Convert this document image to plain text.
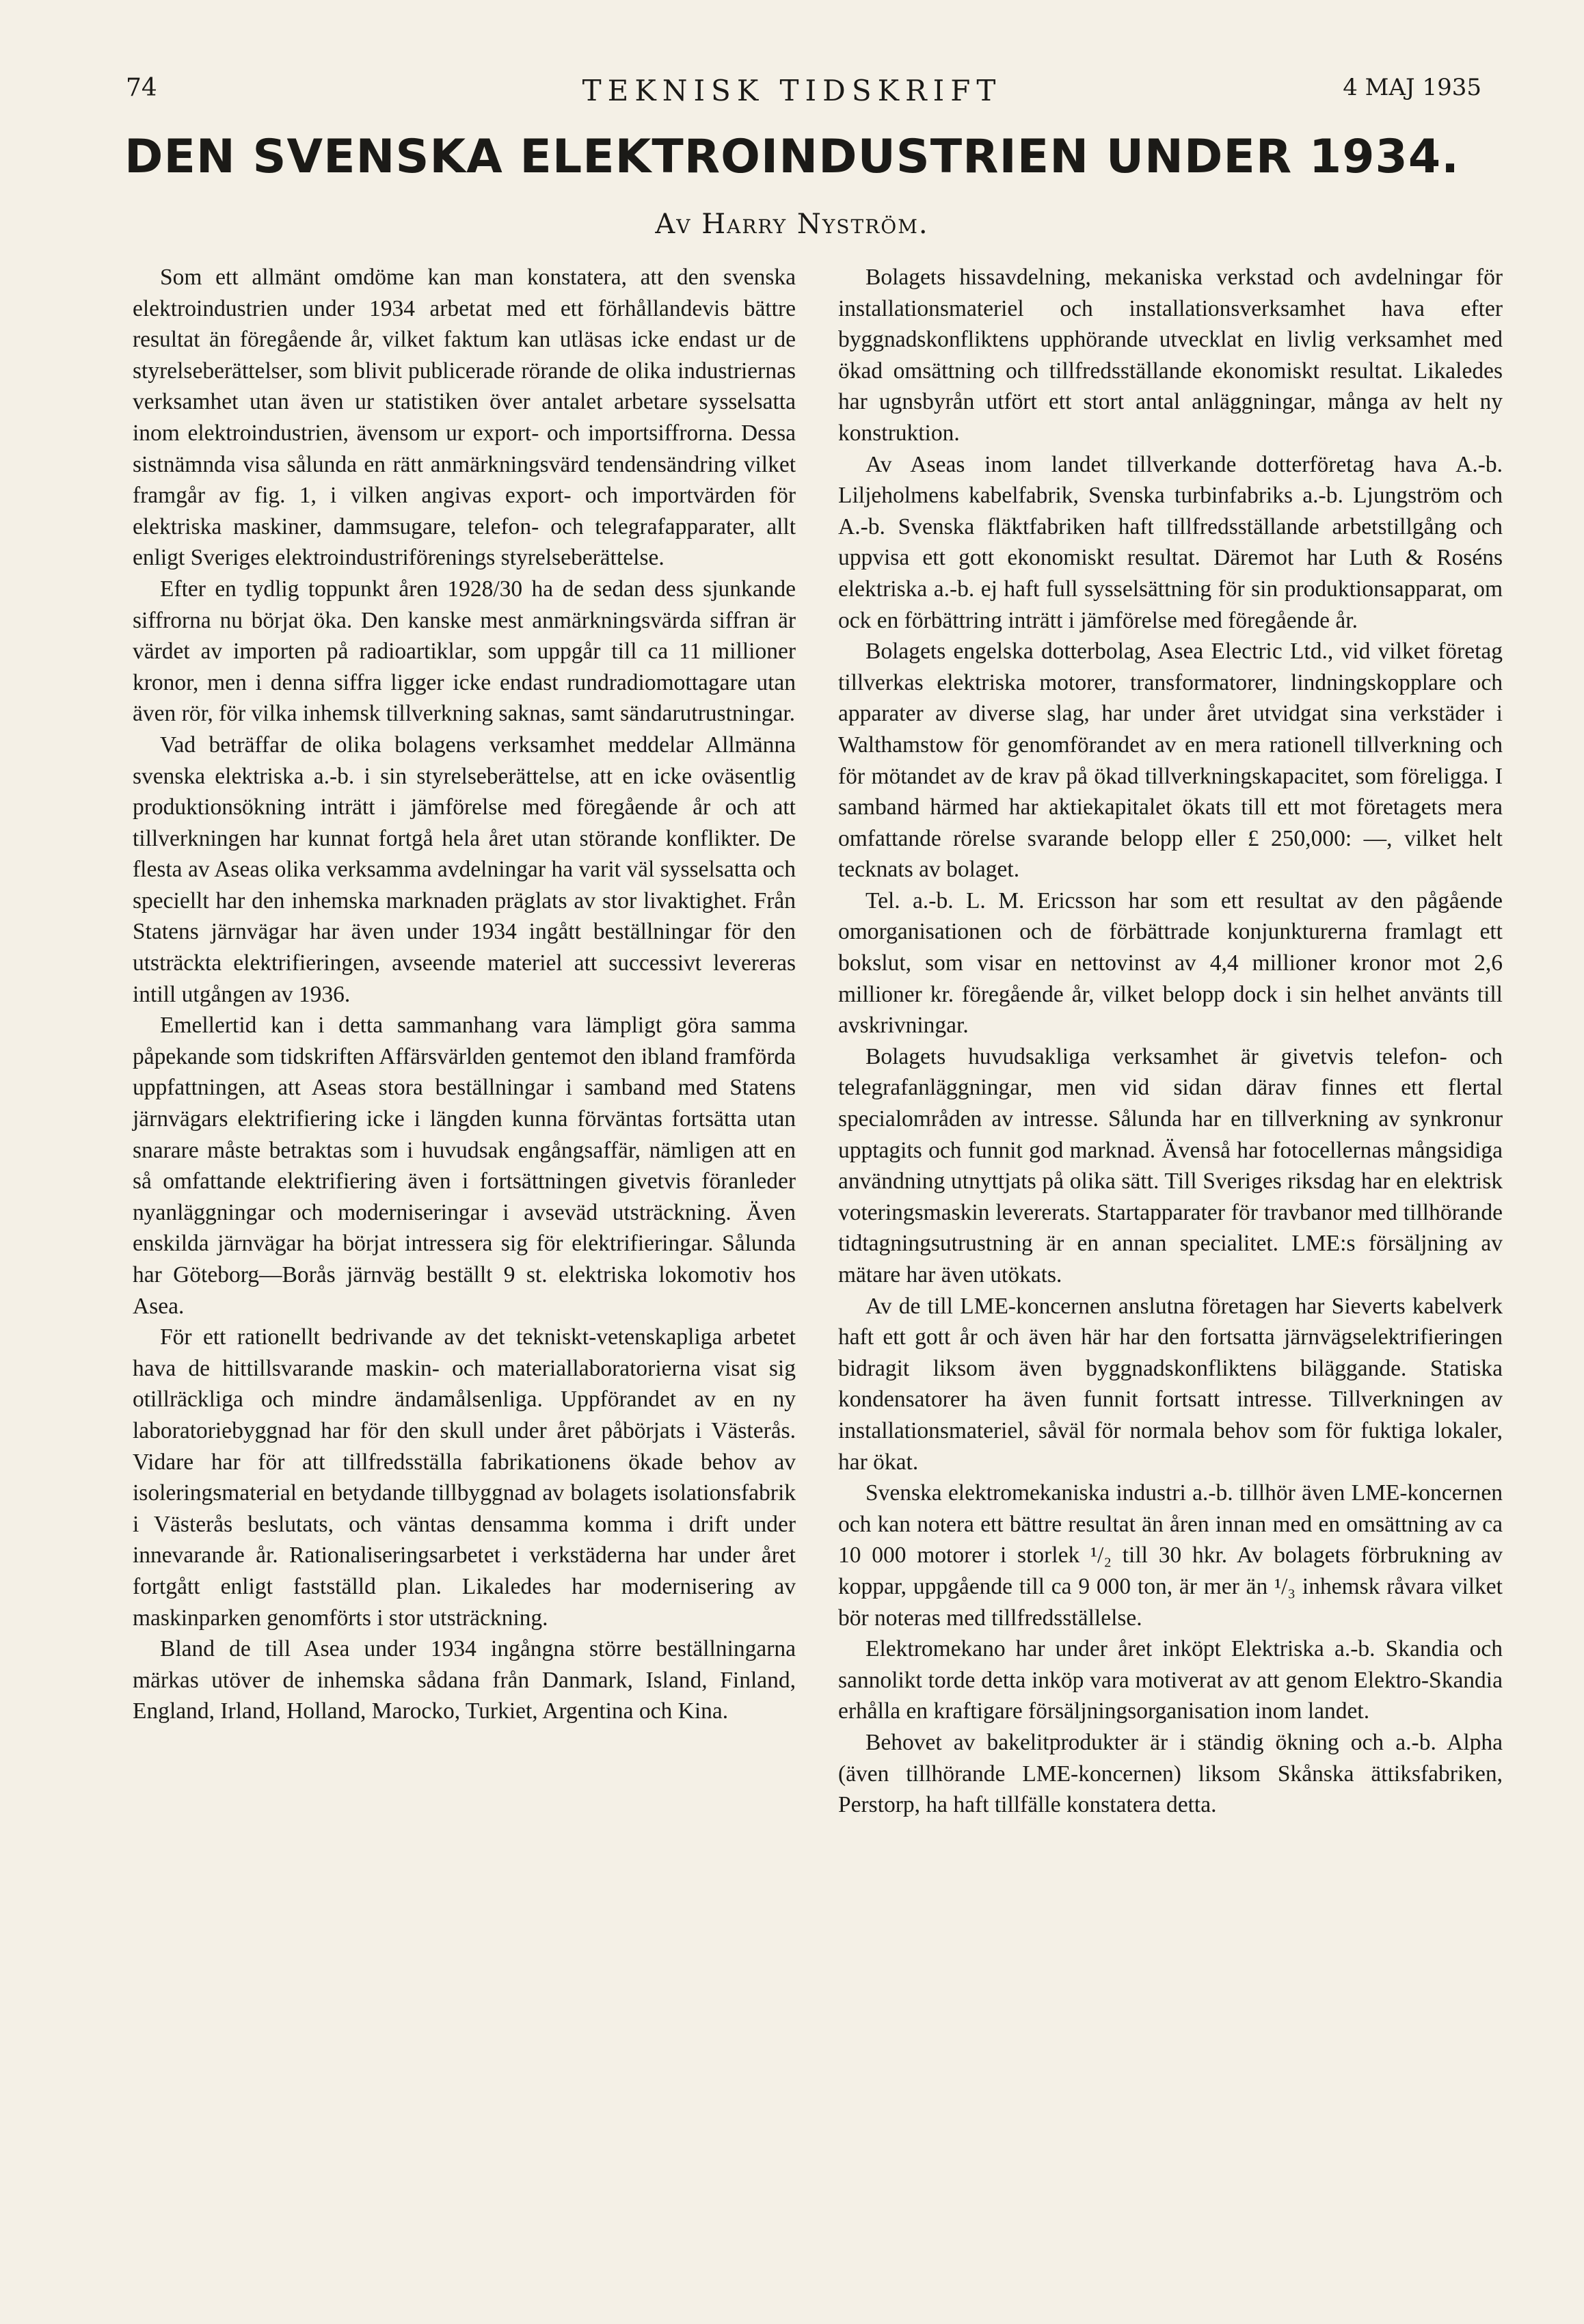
74	TEKNISK TIDSKRIFT	4 MAJ 1935
DEN SVENSKA ELEKTROINDUSTRIEN UNDER 1934.
Av Harry Nyström.

Som ett allmänt omdöme kan man konstatera, att den svenska elektroindustrien under 1934 arbetat med ett förhållandevis bättre resultat än föregående år, vilket faktum kan utläsas icke endast ur de styrelseberättelser, som blivit publicerade rörande de olika industriernas verksamhet utan även ur statistiken över antalet arbetare sysselsatta inom elektroindustrien, ävensom ur export- och importsiffrorna. Dessa sistnämnda visa sålunda en rätt anmärkningsvärd tendensändring vilket framgår av fig. 1, i vilken angivas export- och importvärden för elektriska maskiner, dammsugare, telefon- och telegrafapparater, allt enligt Sveriges elektroindustriförenings styrelseberättelse.

Efter en tydlig toppunkt åren 1928/30 ha de sedan dess sjunkande siffrorna nu börjat öka. Den kanske mest anmärkningsvärda siffran är värdet av importen på radioartiklar, som uppgår till ca 11 millioner kronor, men i denna siffra ligger icke endast rundradiomottagare utan även rör, för vilka inhemsk tillverkning saknas, samt sändarutrustningar.

Vad beträffar de olika bolagens verksamhet meddelar Allmänna svenska elektriska a.-b. i sin styrelseberättelse, att en icke oväsentlig produktionsökning inträtt i jämförelse med föregående år och att tillverkningen har kunnat fortgå hela året utan störande konflikter. De flesta av Aseas olika verksamma avdelningar ha varit väl sysselsatta och speciellt har den inhemska marknaden präglats av stor livaktighet. Från Statens järnvägar har även under 1934 ingått beställningar för den utsträckta elektrifieringen, avseende materiel att successivt levereras intill utgången av 1936.

Emellertid kan i detta sammanhang vara lämpligt göra samma påpekande som tidskriften Affärsvärlden gentemot den ibland framförda uppfattningen, att Aseas stora beställningar i samband med Statens järnvägars elektrifiering icke i längden kunna förväntas fortsätta utan snarare måste betraktas som i huvudsak engångsaffär, nämligen att en så omfattande elektrifiering även i fortsättningen givetvis föranleder nyanläggningar och moderniseringar i avseväd utsträckning. Även enskilda järnvägar ha börjat intressera sig för elektrifieringar. Sålunda har Göteborg—Borås järnväg beställt 9 st. elektriska lokomotiv hos Asea.

För ett rationellt bedrivande av det tekniskt-vetenskapliga arbetet hava de hittillsvarande maskin- och materiallaboratorierna visat sig otillräckliga och mindre ändamålsenliga. Uppförandet av en ny laboratoriebyggnad har för den skull under året påbörjats i Västerås. Vidare har för att tillfredsställa fabrikationens ökade behov av isoleringsmaterial en betydande tillbyggnad av bolagets isolationsfabrik i Västerås beslutats, och väntas densamma komma i drift under innevarande år. Rationaliseringsarbetet i verkstäderna har under året fortgått enligt fastställd plan. Likaledes har modernisering av maskinparken genomförts i stor utsträckning.

Bland de till Asea under 1934 ingångna större beställningarna märkas utöver de inhemska sådana från Danmark, Island, Finland, England, Irland, Holland, Marocko, Turkiet, Argentina och Kina.

Bolagets hissavdelning, mekaniska verkstad och avdelningar för installationsmateriel och installationsverksamhet hava efter byggnadskonfliktens upphörande utvecklat en livlig verksamhet med ökad omsättning och tillfredsställande ekonomiskt resultat. Likaledes har ugnsbyrån utfört ett stort antal anläggningar, många av helt ny konstruktion.

Av Aseas inom landet tillverkande dotterföretag hava A.-b. Liljeholmens kabelfabrik, Svenska turbinfabriks a.-b. Ljungström och A.-b. Svenska fläktfabriken haft tillfredsställande arbetstillgång och uppvisa ett gott ekonomiskt resultat. Däremot har Luth & Roséns elektriska a.-b. ej haft full sysselsättning för sin produktionsapparat, om ock en förbättring inträtt i jämförelse med föregående år.

Bolagets engelska dotterbolag, Asea Electric Ltd., vid vilket företag tillverkas elektriska motorer, transformatorer, lindningskopplare och apparater av diverse slag, har under året utvidgat sina verkstäder i Walthamstow för genomförandet av en mera rationell tillverkning och för mötandet av de krav på ökad tillverkningskapacitet, som föreligga. I samband härmed har aktiekapitalet ökats till ett mot företagets mera omfattande rörelse svarande belopp eller £ 250,000: —, vilket helt tecknats av bolaget.

Tel. a.-b. L. M. Ericsson har som ett resultat av den pågående omorganisationen och de förbättrade konjunkturerna framlagt ett bokslut, som visar en nettovinst av 4,4 millioner kronor mot 2,6 millioner kr. föregående år, vilket belopp dock i sin helhet använts till avskrivningar.

Bolagets huvudsakliga verksamhet är givetvis telefon- och telegrafanläggningar, men vid sidan därav finnes ett flertal specialområden av intresse. Sålunda har en tillverkning av synkronur upptagits och funnit god marknad. Ävenså har fotocellernas mångsidiga användning utnyttjats på olika sätt. Till Sveriges riksdag har en elektrisk voteringsmaskin levererats. Startapparater för travbanor med tillhörande tidtagningsutrustning är en annan specialitet. LME:s försäljning av mätare har även utökats.

Av de till LME-koncernen anslutna företagen har Sieverts kabelverk haft ett gott år och även här har den fortsatta järnvägselektrifieringen bidragit liksom även byggnadskonfliktens biläggande. Statiska kondensatorer ha även funnit fortsatt intresse. Tillverkningen av installationsmateriel, såväl för normala behov som för fuktiga lokaler, har ökat.

Svenska elektromekaniska industri a.-b. tillhör även LME-koncernen och kan notera ett bättre resultat än åren innan med en omsättning av ca 10 000 motorer i storlek ¹/₂ till 30 hkr. Av bolagets förbrukning av koppar, uppgående till ca 9 000 ton, är mer än ¹/₃ inhemsk råvara vilket bör noteras med tillfredsställelse.

Elektromekano har under året inköpt Elektriska a.-b. Skandia och sannolikt torde detta inköp vara motiverat av att genom Elektro-Skandia erhålla en kraftigare försäljningsorganisation inom landet.

Behovet av bakelitprodukter är i ständig ökning och a.-b. Alpha (även tillhörande LME-koncernen) liksom Skånska ättiksfabriken, Perstorp, ha haft tillfälle konstatera detta.
